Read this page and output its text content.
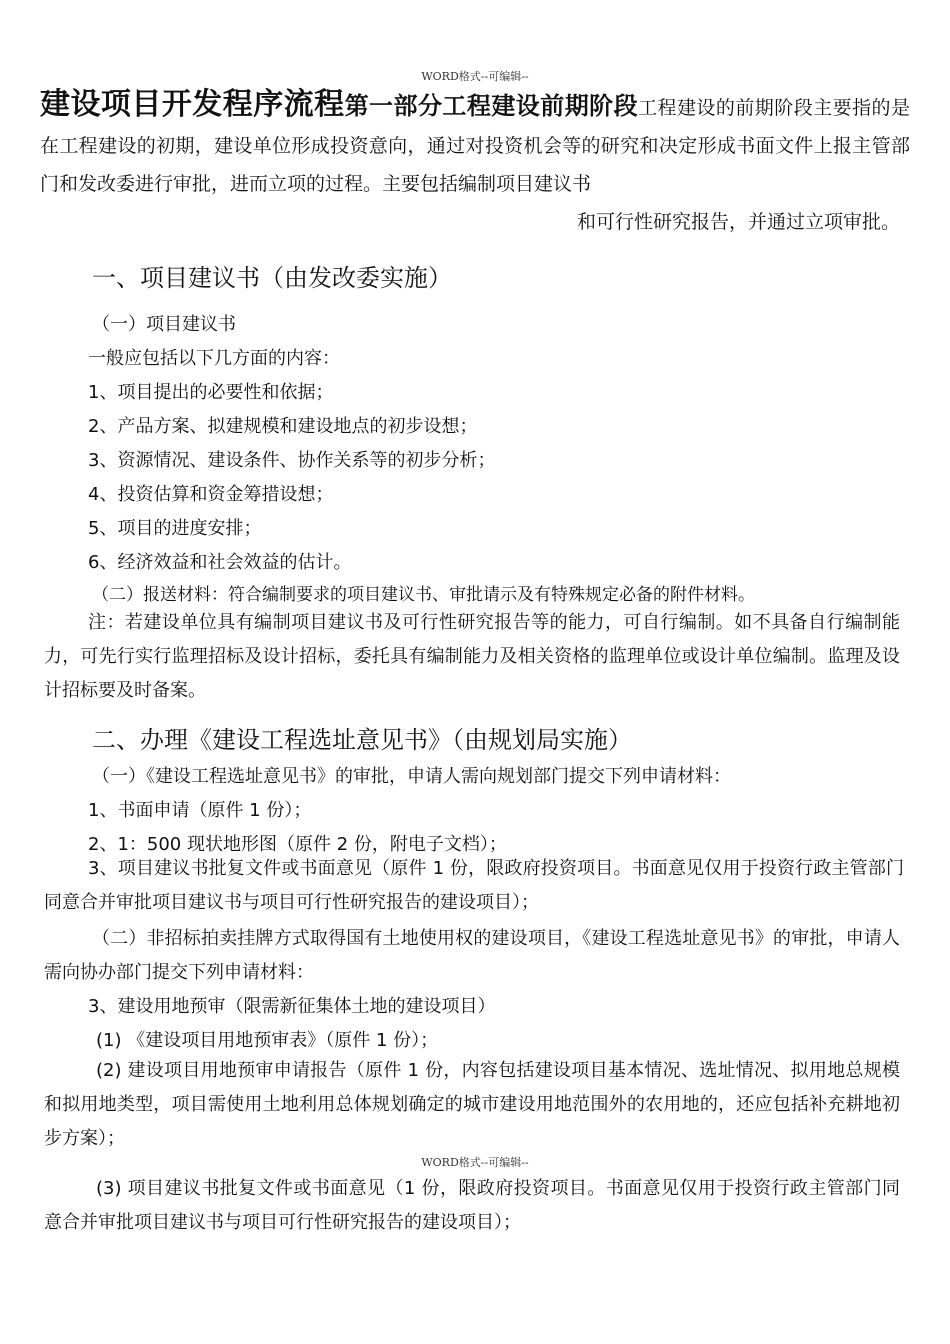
WORD格式--可编辑--
建设项目开发程序流程第一部分工程建设前期阶段工程建设的前期阶段主要指的是在工程建设的初期，建设单位形成投资意向，通过对投资机会等的研究和决定形成书面文件上报主管部门和发改委进行审批，进而立项的过程。主要包括编制项目建议书
和可行性研究报告，并通过立项审批。
一、项目建议书（由发改委实施）
（一）项目建议书
一般应包括以下几方面的内容：
1、项目提出的必要性和依据；
2、产品方案、拟建规模和建设地点的初步设想；
3、资源情况、建设条件、协作关系等的初步分析；
4、投资估算和资金筹措设想；
5、项目的进度安排；
6、经济效益和社会效益的估计。
（二）报送材料：符合编制要求的项目建议书、审批请示及有特殊规定必备的附件材料。
注：若建设单位具有编制项目建议书及可行性研究报告等的能力，可自行编制。如不具备自行编制能力，可先行实行监理招标及设计招标，委托具有编制能力及相关资格的监理单位或设计单位编制。监理及设计招标要及时备案。
二、办理《建设工程选址意见书》（由规划局实施）
（一）《建设工程选址意见书》的审批，申请人需向规划部门提交下列申请材料：
1、书面申请（原件 1 份）；
2、1：500 现状地形图（原件 2 份，附电子文档）；
3、项目建议书批复文件或书面意见（原件 1 份，限政府投资项目。书面意见仅用于投资行政主管部门同意合并审批项目建议书与项目可行性研究报告的建设项目）；
（二）非招标拍卖挂牌方式取得国有土地使用权的建设项目，《建设工程选址意见书》的审批，申请人需向协办部门提交下列申请材料：
3、建设用地预审（限需新征集体土地的建设项目）
(1) 《建设项目用地预审表》（原件 1 份）；
(2) 建设项目用地预审申请报告（原件 1 份，内容包括建设项目基本情况、选址情况、拟用地总规模和拟用地类型，项目需使用土地利用总体规划确定的城市建设用地范围外的农用地的，还应包括补充耕地初步方案）；
WORD格式--可编辑--
(3) 项目建议书批复文件或书面意见（1 份，限政府投资项目。书面意见仅用于投资行政主管部门同意合并审批项目建议书与项目可行性研究报告的建设项目）；
